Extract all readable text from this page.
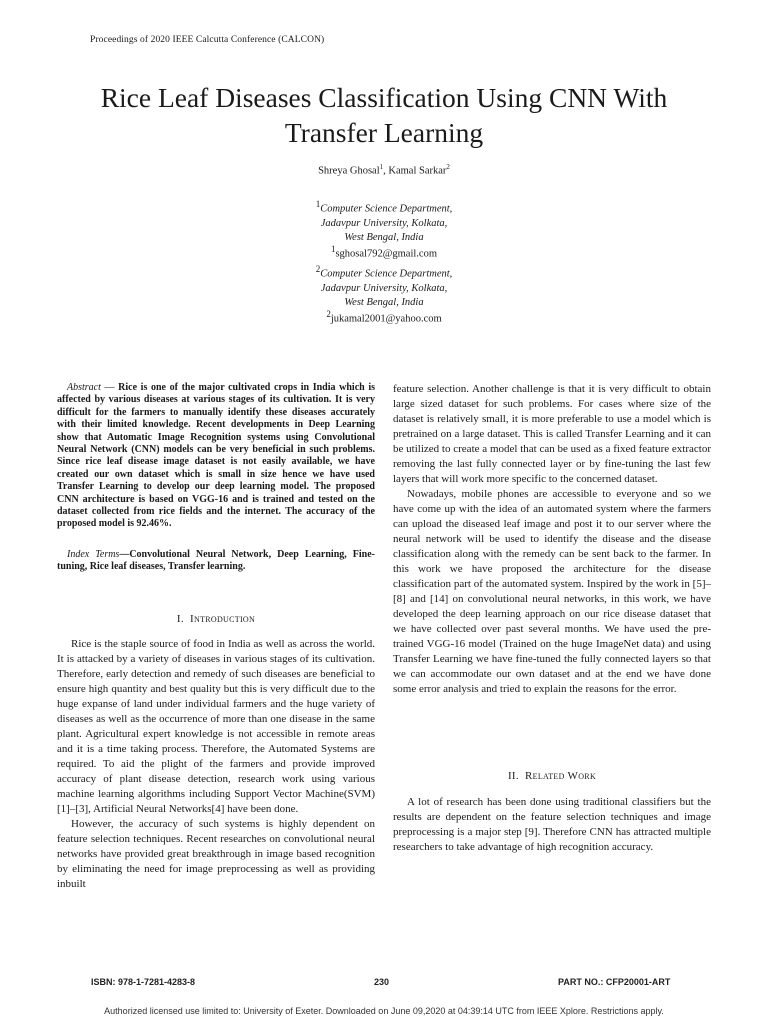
Proceedings of 2020 IEEE Calcutta Conference (CALCON)
Rice Leaf Diseases Classification Using CNN With
Transfer Learning
Shreya Ghosal$^1$, Kamal Sarkar$^2$
$^1$Computer Science Department,
Jadavpur University, Kolkata,
West Bengal, India
$^1$sghosal792@gmail.com
$^2$Computer Science Department,
Jadavpur University, Kolkata,
West Bengal, India
$^2$jukamal2001@yahoo.com
Abstract — Rice is one of the major cultivated crops in India which is affected by various diseases at various stages of its cultivation. It is very difficult for the farmers to manually identify these diseases accurately with their limited knowledge. Recent developments in Deep Learning show that Automatic Image Recognition systems using Convolutional Neural Network (CNN) models can be very beneficial in such problems. Since rice leaf disease image dataset is not easily available, we have created our own dataset which is small in size hence we have used Transfer Learning to develop our deep learning model. The proposed CNN architecture is based on VGG-16 and is trained and tested on the dataset collected from rice fields and the internet. The accuracy of the proposed model is 92.46%.
Index Terms—Convolutional Neural Network, Deep Learning, Fine-tuning, Rice leaf diseases, Transfer learning.
I. Introduction

Rice is the staple source of food in India as well as across the world. It is attacked by a variety of diseases in various stages of its cultivation. Therefore, early detection and remedy of such diseases are beneficial to ensure high quantity and best quality but this is very difficult due to the huge expanse of land under individual farmers and the huge variety of diseases as well as the occurrence of more than one disease in the same plant. Agricultural expert knowledge is not accessible in remote areas and it is a time taking process. Therefore, the Automated Systems are required. To aid the plight of the farmers and provide improved accuracy of plant disease detection, research work using various machine learning algorithms including Support Vector Machine(SVM)[1]–[3], Artificial Neural Networks[4] have been done.

However, the accuracy of such systems is highly dependent on feature selection techniques. Recent researches on convolutional neural networks have provided great breakthrough in image based recognition by eliminating the need for image preprocessing as well as providing inbuilt

feature selection. Another challenge is that it is very difficult to obtain large sized dataset for such problems. For cases where size of the dataset is relatively small, it is more preferable to use a model which is pretrained on a large dataset. This is called Transfer Learning and it can be utilized to create a model that can be used as a fixed feature extractor removing the last fully connected layer or by fine-tuning the last few layers that will work more specific to the concerned dataset.

Nowadays, mobile phones are accessible to everyone and so we have come up with the idea of an automated system where the farmers can upload the diseased leaf image and post it to our server where the neural network will be used to identify the disease and the disease classification along with the remedy can be sent back to the farmer. In this work we have proposed the architecture for the disease classification part of the automated system. Inspired by the work in [5]–[8] and [14] on convolutional neural networks, in this work, we have developed the deep learning approach on our rice disease dataset that we have collected over past several months. We have used the pre-trained VGG-16 model (Trained on the huge ImageNet data) and using Transfer Learning we have fine-tuned the fully connected layers so that we can accommodate our own dataset and at the end we have done some error analysis and tried to explain the reasons for the error.

II. Related Work

A lot of research has been done using traditional classifiers but the results are dependent on the feature selection techniques and image preprocessing is a major step [9]. Therefore CNN has attracted multiple researchers to take advantage of high recognition accuracy.

ISBN: 978-1-7281-4283-8	230	PART NO.: CFP20001-ART
Authorized licensed use limited to: University of Exeter. Downloaded on June 09,2020 at 04:39:14 UTC from IEEE Xplore. Restrictions apply.
